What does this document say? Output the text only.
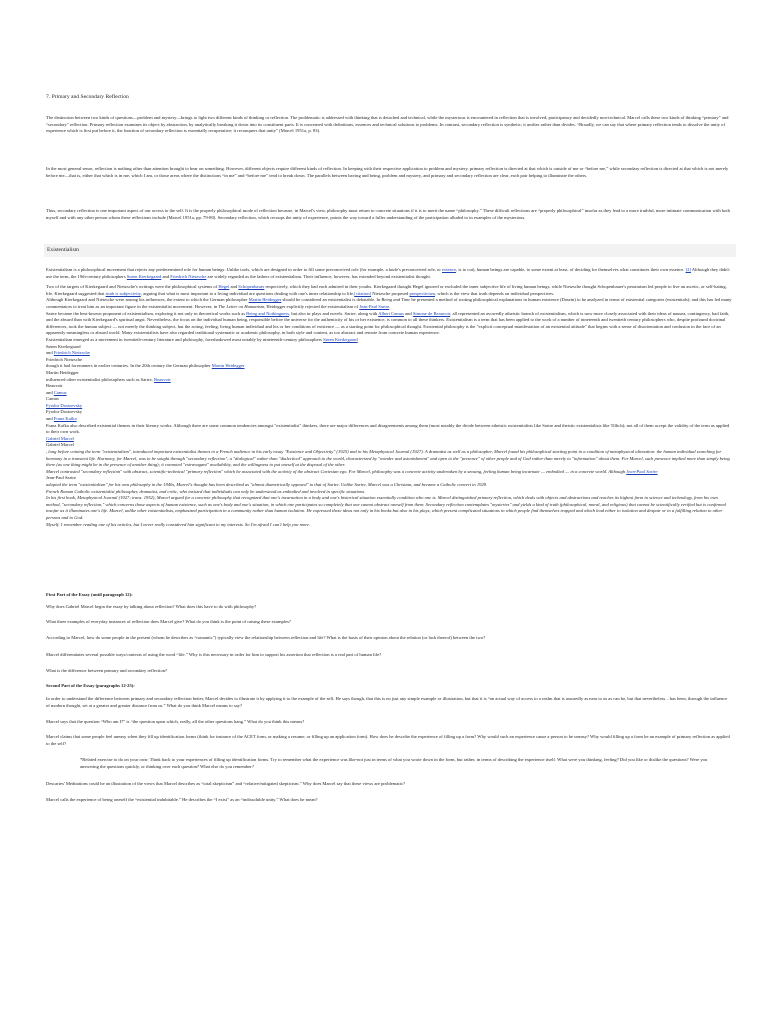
7. Primary and Secondary Reflection

The distinction between two kinds of questions—problem and mystery—brings to light two different kinds of thinking or reflection. The problematic is addressed with thinking that is detached and technical, while the mysterious is encountered in reflection that is involved, participatory and decidedly non-technical. Marcel calls these two kinds of thinking “primary” and “secondary” reflection. Primary reflection examines its object by abstraction, by analytically breaking it down into its constituent parts. It is concerned with definitions, essences and technical solutions to problems. In contrast, secondary reflection is synthetic; it unifies rather than divides. “Broadly, we can say that where primary reflection tends to dissolve the unity of experience which is first put before it, the function of secondary reflection is essentially recuperative; it reconquers that unity” (Marcel 1951a, p. 83).

In the most general sense, reflection is nothing other than attention brought to bear on something. However, different objects require different kinds of reflection. In keeping with their respective application to problem and mystery, primary reflection is directed at that which is outside of me or “before me,” while secondary reflection is directed at that which is not merely before me—that is, either that which is in me, which I am, or those areas where the distinctions “in me” and “before me” tend to break down. The parallels between having and being, problem and mystery, and primary and secondary reflection are clear, each pair helping to illuminate the others.

Thus, secondary reflection is one important aspect of our access to the self. It is the properly philosophical mode of reflection because, in Marcel's view, philosophy must return to concrete situations if it is to merit the name “philosophy.” These difficult reflections are “properly philosophical” insofar as they lead to a more truthful, more intimate communication with both myself and with any other person whom these reflections include (Marcel 1951a, pp. 79-80). Secondary reflection, which recoups the unity of experience, points the way toward a fuller understanding of the participation alluded to in examples of the mysterious.

Existentialism
Existentialism is a philosophical movement that rejects any predetermined role for human beings. Unlike tools, which are designed in order to fill some preconceived role (for example, a knife's preconceived role, or essence, is to cut), human beings are capable, to some extent at least, of deciding for themselves what constitutes their own essence. [2] Although they didn't use the term, the 19th-century philosophers Søren Kierkegaard and Friedrich Nietzsche are widely regarded as the fathers of existentialism. Their influence, however, has extended beyond existentialist thought.
Two of the targets of Kierkegaard and Nietzsche's writings were the philosophical systems of Hegel and Schopenhauer respectively, which they had each admired in their youths. Kierkegaard thought Hegel ignored or excluded the inner subjective life of living human beings, while Nietzsche thought Schopenhauer's pessimism led people to live an ascetic, or self-hating, life. Kierkegaard suggested that truth is subjectivity, arguing that what is most important to a living individual are questions dealing with one's inner relationship to life.[citation] Nietzsche proposed perspectivism, which is the view that truth depends on individual perspectives.
Although Kierkegaard and Nietzsche were among his influences, the extent to which the German philosopher Martin Heidegger should be considered an existentialist is debatable. In Being and Time he presented a method of rooting philosophical explanations in human existence (Dasein) to be analyzed in terms of existential categories (existentials); and this has led many commentators to treat him as an important figure in the existentialist movement. However, in The Letter on Humanism, Heidegger explicitly rejected the existentialism of Jean-Paul Sartre.
Sartre became the best-known proponent of existentialism, exploring it not only in theoretical works such as Being and Nothingness, but also in plays and novels. Sartre, along with Albert Camus and Simone de Beauvoir, all represented an avowedly atheistic branch of existentialism, which is now more closely associated with their ideas of nausea, contingency, bad faith, and the absurd than with Kierkegaard's spiritual angst. Nevertheless, the focus on the individual human being, responsible before the universe for the authenticity of his or her existence, is common to all these thinkers. Existentialism is a term that has been applied to the work of a number of nineteenth and twentieth century philosophers who, despite profound doctrinal differences, took the human subject — not merely the thinking subject, but the acting, feeling, living human individual and his or her conditions of existence — as a starting point for philosophical thought. Existential philosophy is the "explicit conceptual manifestation of an existential attitude" that begins with a sense of disorientation and confusion in the face of an apparently meaningless or absurd world. Many existentialists have also regarded traditional systematic or academic philosophy, in both style and content, as too abstract and remote from concrete human experience.
Existentialism emerged as a movement in twentieth-century literature and philosophy, foreshadowed most notably by nineteenth-century philosophers Søren Kierkegaard
Søren Kierkegaard
and Friedrich Nietzsche
Friedrich Nietzsche
though it had forerunners in earlier centuries. In the 20th century the German philosopher Martin Heidegger
Martin Heidegger
influenced other existentialist philosophers such as Sartre, Beauvoir
Beauvoir
and Camus
Camus
Fyodor Dostoevsky
Fyodor Dostoevsky
and Franz Kafka
Franz Kafka also described existential themes in their literary works. Although there are some common tendencies amongst "existentialist" thinkers, there are major differences and disagreements among them (most notably the divide between atheistic existentialists like Sartre and theistic existentialists like Tillich); not all of them accept the validity of the term as applied to their own work.
Gabriel Marcel
Gabriel Marcel
, long before coining the term "existentialism", introduced important existentialist themes to a French audience in his early essay "Existence and Objectivity" (1925) and in his Metaphysical Journal (1927). A dramatist as well as a philosopher, Marcel found his philosophical starting point in a condition of metaphysical alienation: the human individual searching for harmony in a transient life. Harmony, for Marcel, was to be sought through "secondary reflection", a "dialogical" rather than "dialectical" approach to the world, characterized by "wonder and astonishment" and open to the "presence" of other people and of God rather than merely to "information" about them. For Marcel, such presence implied more than simply being there (as one thing might be in the presence of another thing); it connoted "extravagant" availability, and the willingness to put oneself at the disposal of the other.
Marcel contrasted "secondary reflection" with abstract, scientific-technical "primary reflection" which he associated with the activity of the abstract Cartesian ego. For Marcel, philosophy was a concrete activity undertaken by a sensing, feeling human being incarnate — embodied — in a concrete world. Although Jean-Paul Sartre
Jean-Paul Sartre
adopted the term "existentialism" for his own philosophy in the 1940s, Marcel's thought has been described as "almost diametrically opposed" to that of Sartre. Unlike Sartre, Marcel was a Christian, and became a Catholic convert in 1929.
French Roman Catholic existentialist philosopher, dramatist, and critic, who insisted that individuals can only be understood as embodied and involved in specific situations.
In his first book, Metaphysical Journal (1927; trans. 1952), Marcel argued for a concrete philosophy that recognized that one's incarnation in a body and one's historical situation essentially condition who one is. Marcel distinguished primary reflection, which deals with objects and abstractions and reaches its highest form in science and technology, from his own method, "secondary reflection," which concerns those aspects of human existence, such as one's body and one's situation, in which one participates so completely that one cannot abstract oneself from them. Secondary reflection contemplates "mysteries" and yields a kind of truth (philosophical, moral, and religious) that cannot be scientifically verified but is confirmed insofar as it illuminates one's life. Marcel, unlike other existentialists, emphasized participation in a community rather than human isolation. He expressed these ideas not only in his books but also in his plays, which present complicated situations in which people find themselves trapped and which lead either to isolation and despair or to a fulfilling relation to other persons and to God.
Myself: I remember reading one of his articles, but I never really considered him significant to my interests. So I'm afraid I can't help you more.

First Part of the Essay (until paragraph 12):

Why does Gabriel Marcel begin the essay by talking about reflection? What does this have to do with philosophy?

What three examples of everyday instances of reflection does Marcel give? What do you think is the point of raising these examples?

According to Marcel, how do some people in the present (whom he describes as “romantic”) typically view the relationship between reflection and life? What is the basis of their opinion about the relation (or lack thereof) between the two?

Marcel differentiates several possible ways/contexts of using the word “life.” Why is this necessary in order for him to support his assertion that reflection is a real part of human life?

What is the difference between primary and secondary reflection?

Second Part of the Essay (paragraphs 12-25):

In order to understand the difference between primary and secondary reflection better, Marcel decides to illustrate it by applying it to the example of the self. He says though, that this is no just any simple example or illustration, but that it is “an actual way of access to a realm that is assuredly as near to us as can be, but that nevertheless…has been, through the influence of modern thought, set at a greater and greater distance from us.” What do you think Marcel means to say?

Marcel says that the question “Who am I?” is “the question upon which, really, all the other questions hang.” What do you think this means?

Marcel claims that some people feel uneasy when they fill up identification forms (think for instance of the ACET form, or making a resume, or filling up an application form). How does he describe the experience of filling up a form? Why would such an experience cause a person to be uneasy? Why would filling up a form be an example of primary reflection as applied to the self?

*Related exercise to do on your own: Think back to your experiences of filling up identification forms. Try to remember what the experience was like-not just in terms of what you wrote down in the form, but rather, in terms of describing the experience itself. What were you thinking, feeling? Did you like or dislike the questions? Were you answering the questions quickly, or thinking over each question? What else do you remember?

Descartes' Meditations could be an illustration of the views that Marcel describes as “total skepticism” and “relative/mitigated skepticism.” Why does Marcel say that these views are problematic?

Marcel calls the experience of being oneself the “existential indubitable.” He describes the “I exist” as an “indissoluble unity.” What does he mean?
